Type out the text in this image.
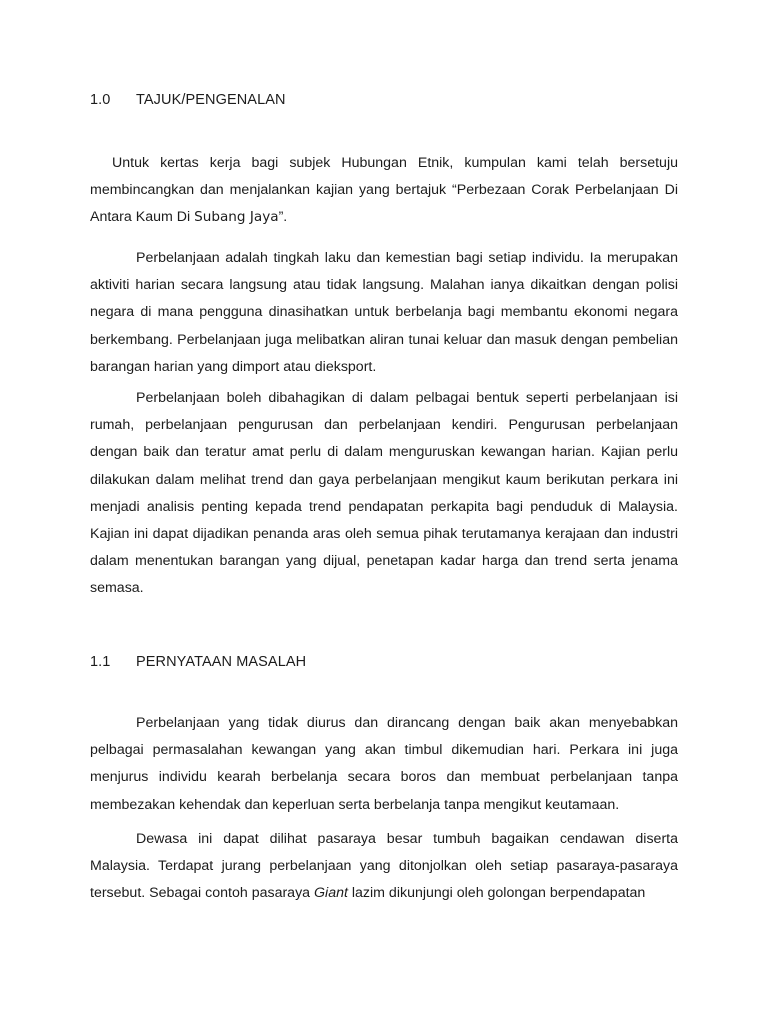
1.0 TAJUK/PENGENALAN

Untuk kertas kerja bagi subjek Hubungan Etnik, kumpulan kami telah bersetuju membincangkan dan menjalankan kajian yang bertajuk “Perbezaan Corak Perbelanjaan Di Antara Kaum Di Subang Jaya”.

Perbelanjaan adalah tingkah laku dan kemestian bagi setiap individu. Ia merupakan aktiviti harian secara langsung atau tidak langsung. Malahan ianya dikaitkan dengan polisi negara di mana pengguna dinasihatkan untuk berbelanja bagi membantu ekonomi negara berkembang. Perbelanjaan juga melibatkan aliran tunai keluar dan masuk dengan pembelian barangan harian yang dimport atau dieksport.

Perbelanjaan boleh dibahagikan di dalam pelbagai bentuk seperti perbelanjaan isi rumah, perbelanjaan pengurusan dan perbelanjaan kendiri. Pengurusan perbelanjaan dengan baik dan teratur amat perlu di dalam menguruskan kewangan harian. Kajian perlu dilakukan dalam melihat trend dan gaya perbelanjaan mengikut kaum berikutan perkara ini menjadi analisis penting kepada trend pendapatan perkapita bagi penduduk di Malaysia. Kajian ini dapat dijadikan penanda aras oleh semua pihak terutamanya kerajaan dan industri dalam menentukan barangan yang dijual, penetapan kadar harga dan trend serta jenama semasa.

1.1 PERNYATAAN MASALAH

Perbelanjaan yang tidak diurus dan dirancang dengan baik akan menyebabkan pelbagai permasalahan kewangan yang akan timbul dikemudian hari. Perkara ini juga menjurus individu kearah berbelanja secara boros dan membuat perbelanjaan tanpa membezakan kehendak dan keperluan serta berbelanja tanpa mengikut keutamaan.

Dewasa ini dapat dilihat pasaraya besar tumbuh bagaikan cendawan diserta Malaysia. Terdapat jurang perbelanjaan yang ditonjolkan oleh setiap pasaraya-pasaraya tersebut. Sebagai contoh pasaraya Giant lazim dikunjungi oleh golongan berpendapatan
